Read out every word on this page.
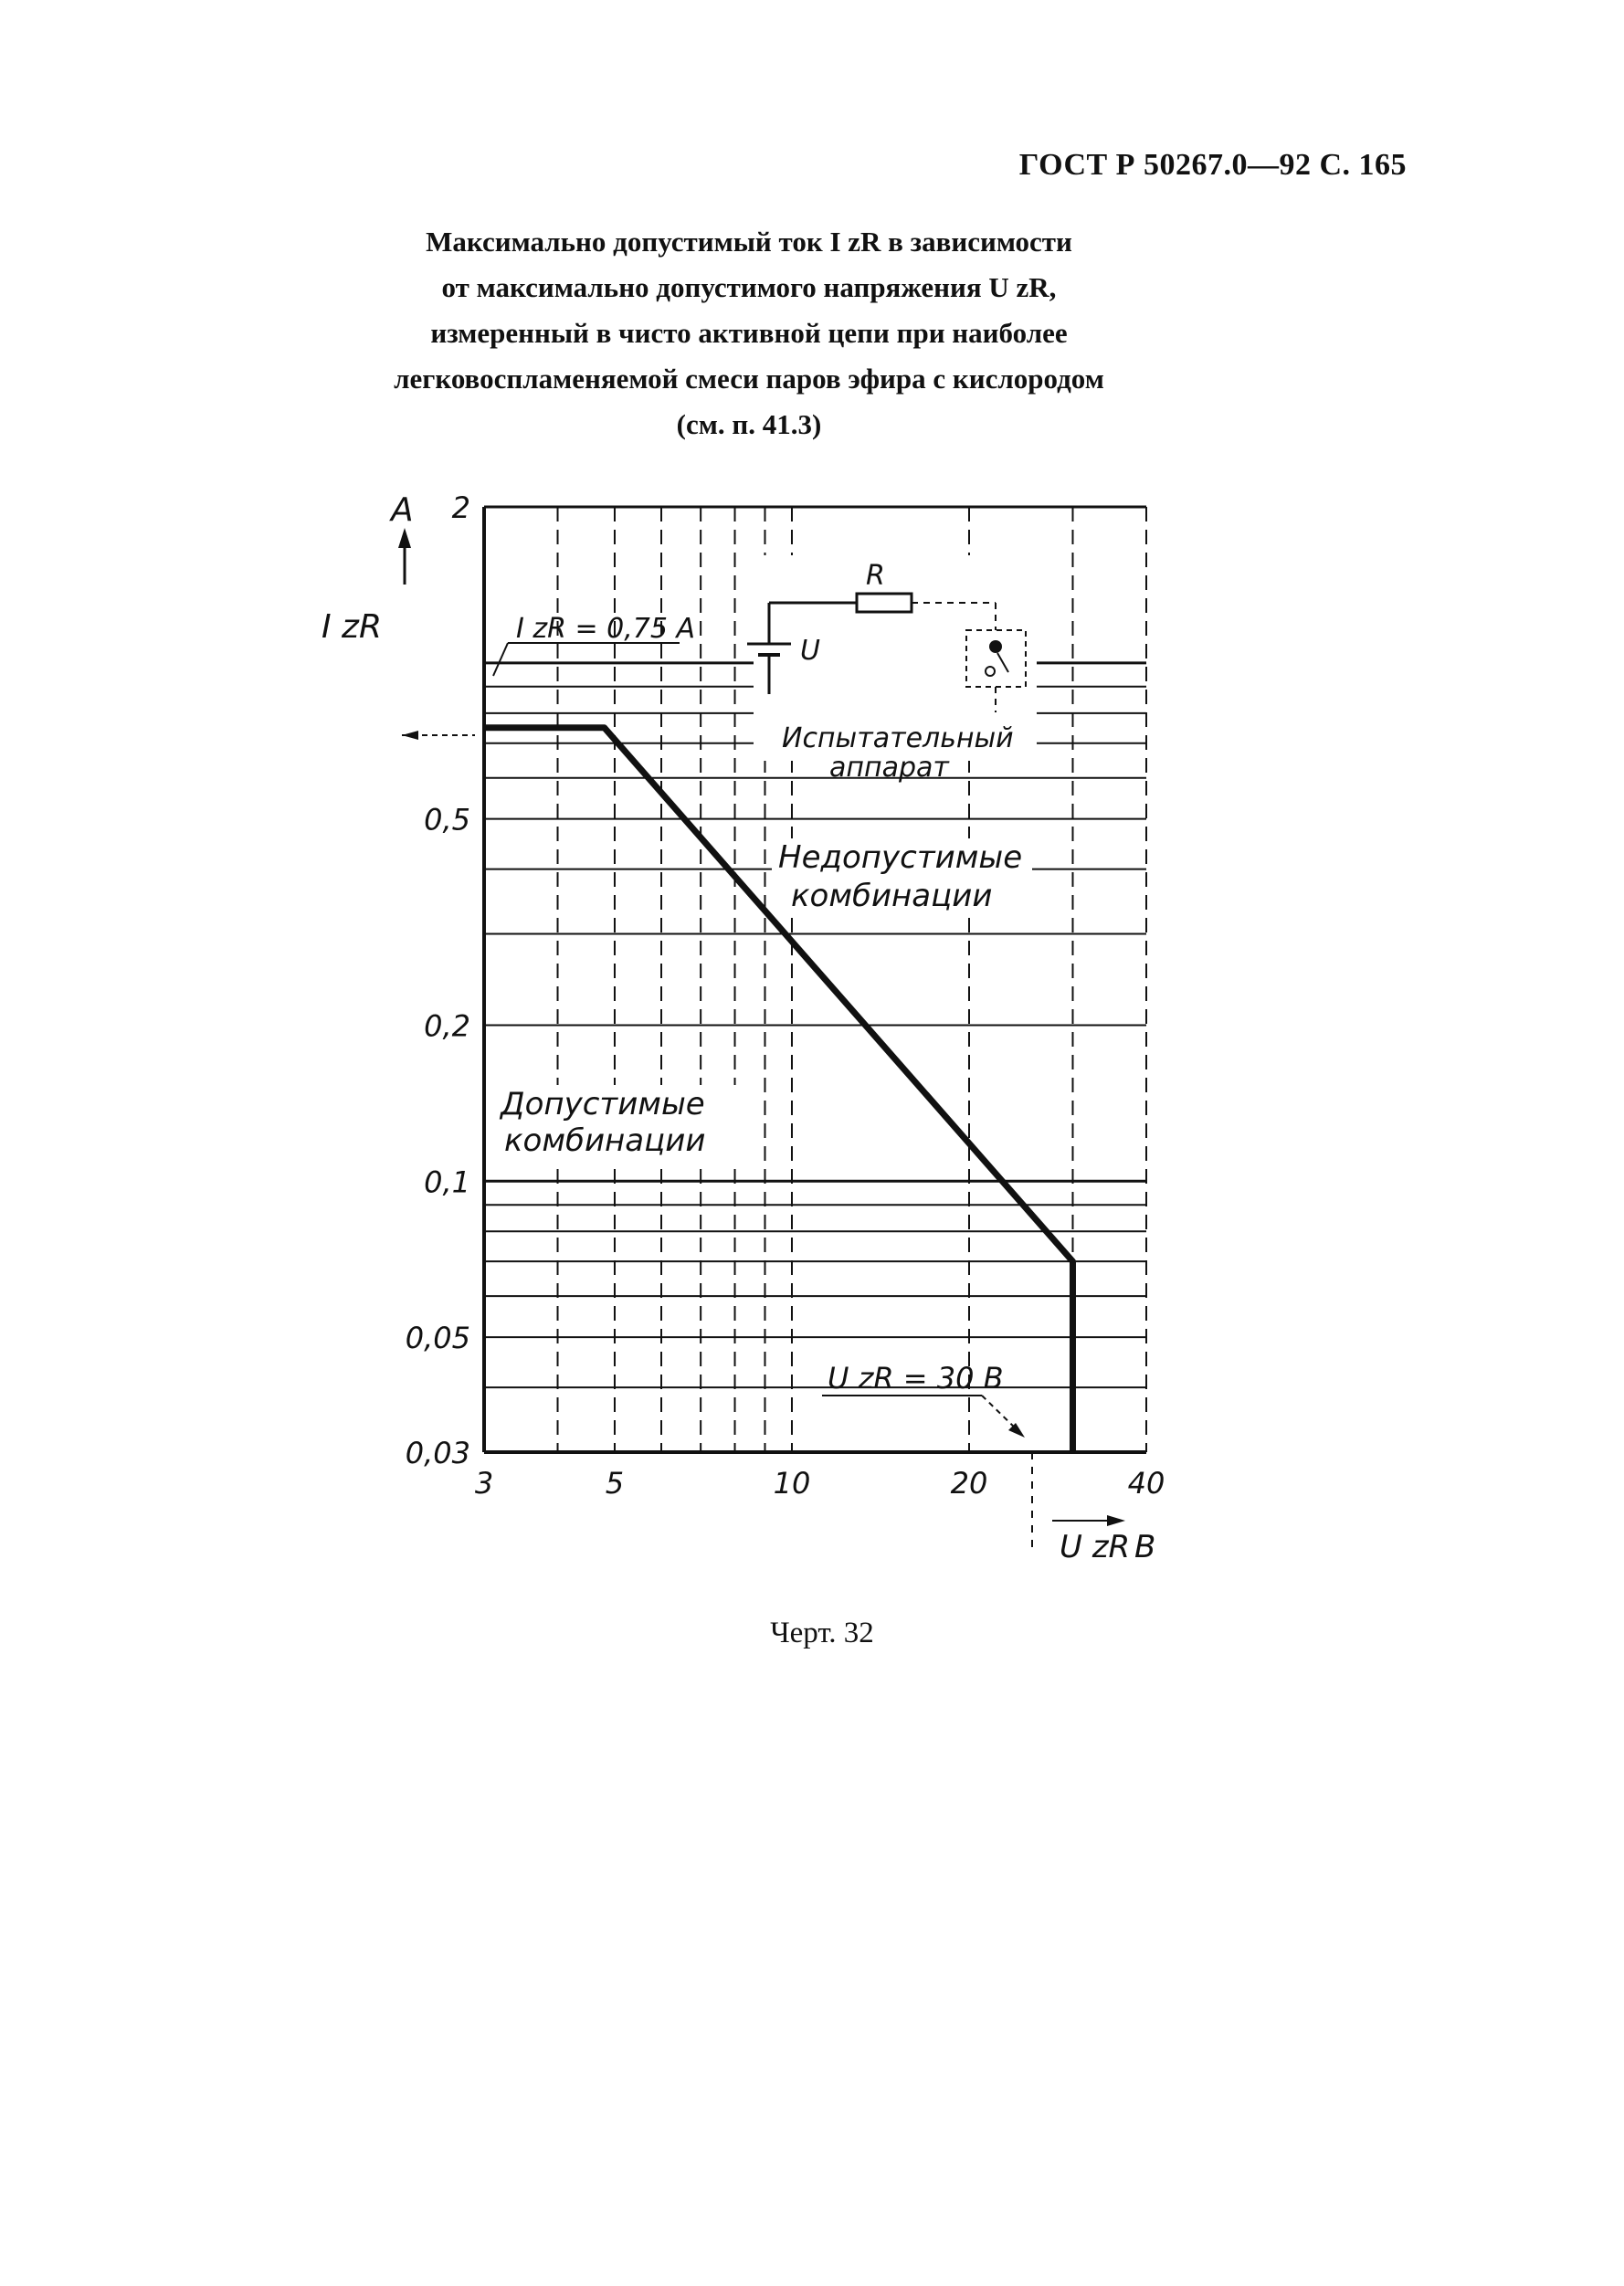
ГОСТ Р 50267.0—92 С. 165
Максимально допустимый ток I zR в зависимости
от максимально допустимого напряжения U zR,
измеренный в чисто активной цепи при наиболее
легковоспламеняемой смеси паров эфира с кислородом
(см. п. 41.3)
3	5	10	20	40
2
0,5
0,2
0,1
0,05
0,03
A
I zR
U zR B
I zR = 0,75 A
U zR = 30 B
R
U
Испытательный
аппарат
Недопустимые
комбинации
Допустимые
комбинации
Черт. 32
